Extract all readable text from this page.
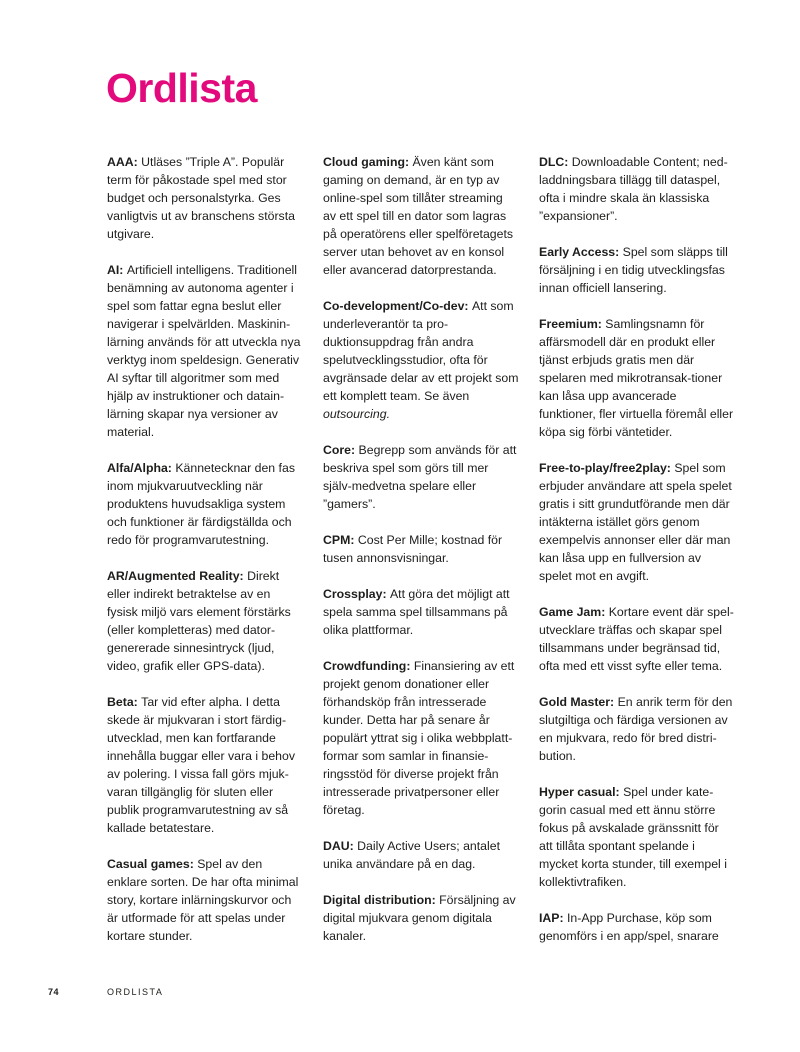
Ordlista

AAA: Utläses ”Triple A”. Populär term för påkostade spel med stor budget och personalstyrka. Ges vanligtvis ut av branschens största utgivare.

AI: Artificiell intelligens. Traditionell benämning av autonoma agenter i spel som fattar egna beslut eller navigerar i spelvärlden. Maskinin-lärning används för att utveckla nya verktyg inom speldesign. Generativ AI syftar till algoritmer som med hjälp av instruktioner och datain-lärning skapar nya versioner av material.

Alfa/Alpha: Kännetecknar den fas inom mjukvaruutveckling när produktens huvudsakliga system och funktioner är färdigställda och redo för programvarutestning.

AR/Augmented Reality: Direkt eller indirekt betraktelse av en fysisk miljö vars element förstärks (eller kompletteras) med dator-genererade sinnesintryck (ljud, video, grafik eller GPS-data).

Beta: Tar vid efter alpha. I detta skede är mjukvaran i stort färdig-utvecklad, men kan fortfarande innehålla buggar eller vara i behov av polering. I vissa fall görs mjuk-varan tillgänglig för sluten eller publik programvarutestning av så kallade betatestare.

Casual games: Spel av den enklare sorten. De har ofta minimal story, kortare inlärningskurvor och är utformade för att spelas under kortare stunder.

Cloud gaming: Även känt som gaming on demand, är en typ av online-spel som tillåter streaming av ett spel till en dator som lagras på operatörens eller spelföretagets server utan behovet av en konsol eller avancerad datorprestanda.

Co-development/Co-dev: Att som underleverantör ta pro-duktionsuppdrag från andra spelutvecklingsstudior, ofta för avgränsade delar av ett projekt som ett komplett team. Se även outsourcing.

Core: Begrepp som används för att beskriva spel som görs till mer själv-medvetna spelare eller ”gamers”.

CPM: Cost Per Mille; kostnad för tusen annonsvisningar.

Crossplay: Att göra det möjligt att spela samma spel tillsammans på olika plattformar.

Crowdfunding: Finansiering av ett projekt genom donationer eller förhandsköp från intresserade kunder. Detta har på senare år populärt yttrat sig i olika webbplatt-formar som samlar in finansie-ringsstöd för diverse projekt från intresserade privatpersoner eller företag.

DAU: Daily Active Users; antalet unika användare på en dag.

Digital distribution: Försäljning av digital mjukvara genom digitala kanaler.

DLC: Downloadable Content; ned-laddningsbara tillägg till dataspel, ofta i mindre skala än klassiska ”expansioner”.

Early Access: Spel som släpps till försäljning i en tidig utvecklingsfas innan officiell lansering.

Freemium: Samlingsnamn för affärsmodell där en produkt eller tjänst erbjuds gratis men där spelaren med mikrotransak-tioner kan låsa upp avancerade funktioner, fler virtuella föremål eller köpa sig förbi väntetider.

Free-to-play/free2play: Spel som erbjuder användare att spela spelet gratis i sitt grundutförande men där intäkterna istället görs genom exempelvis annonser eller där man kan låsa upp en fullversion av spelet mot en avgift.

Game Jam: Kortare event där spel-utvecklare träffas och skapar spel tillsammans under begränsad tid, ofta med ett visst syfte eller tema.

Gold Master: En anrik term för den slutgiltiga och färdiga versionen av en mjukvara, redo för bred distri-bution.

Hyper casual: Spel under kate-gorin casual med ett ännu större fokus på avskalade gränssnitt för att tillåta spontant spelande i mycket korta stunder, till exempel i kollektivtrafiken.

IAP: In-App Purchase, köp som genomförs i en app/spel, snarare

74	ORDLISTA
